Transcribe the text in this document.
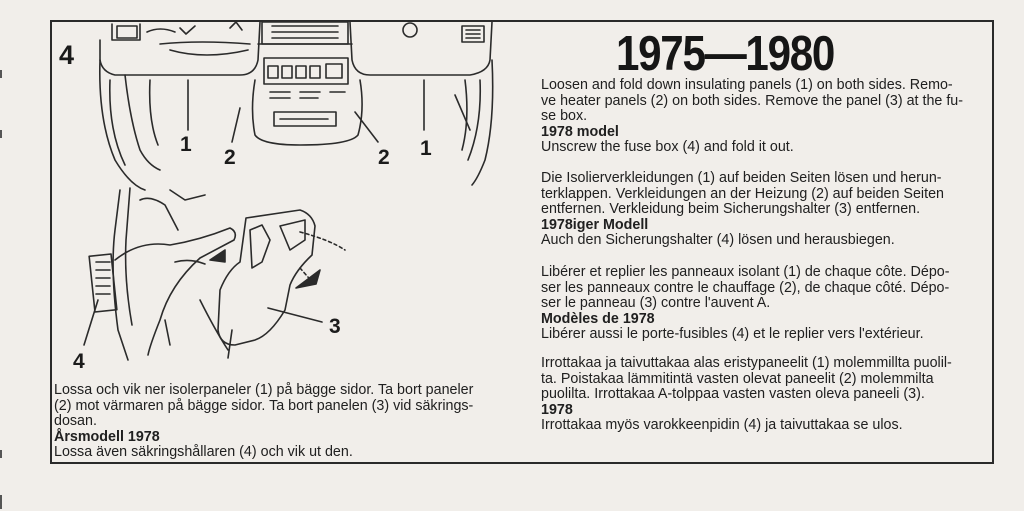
4	1975—1980
1
2	2 1
3
4

Loosen and fold down insulating panels (1) on both sides. Remo-
ve heater panels (2) on both sides. Remove the panel (3) at the fu-
se box.

1978 model

Unscrew the fuse box (4) and fold it out.

Die Isolierverkleidungen (1) auf beiden Seiten lösen und herun-
terklappen. Verkleidungen an der Heizung (2) auf beiden Seiten
entfernen. Verkleidung beim Sicherungshalter (3) entfernen.

1978iger Modell

Auch den Sicherungshalter (4) lösen und herausbiegen.

Libérer et replier les panneaux isolant (1) de chaque côte. Dépo-
ser les panneaux contre le chauffage (2), de chaque côté. Dépo-
ser le panneau (3) contre l'auvent A.

Modèles de 1978

Libérer aussi le porte-fusibles (4) et le replier vers l'extérieur.

Irrottakaa ja taivuttakaa alas eristypaneelit (1) molemmillta puolil-
ta. Poistakaa lämmitintä vasten olevat paneelit (2) molemmilta
puolilta. Irrottakaa A-tolppaa vasten vasten oleva paneeli (3).

1978

Irrottakaa myös varokkeenpidin (4) ja taivuttakaa se ulos.

Lossa och vik ner isolerpaneler (1) på bägge sidor. Ta bort paneler
(2) mot värmaren på bägge sidor. Ta bort panelen (3) vid säkrings-
dosan.

Årsmodell 1978

Lossa även säkringshållaren (4) och vik ut den.
